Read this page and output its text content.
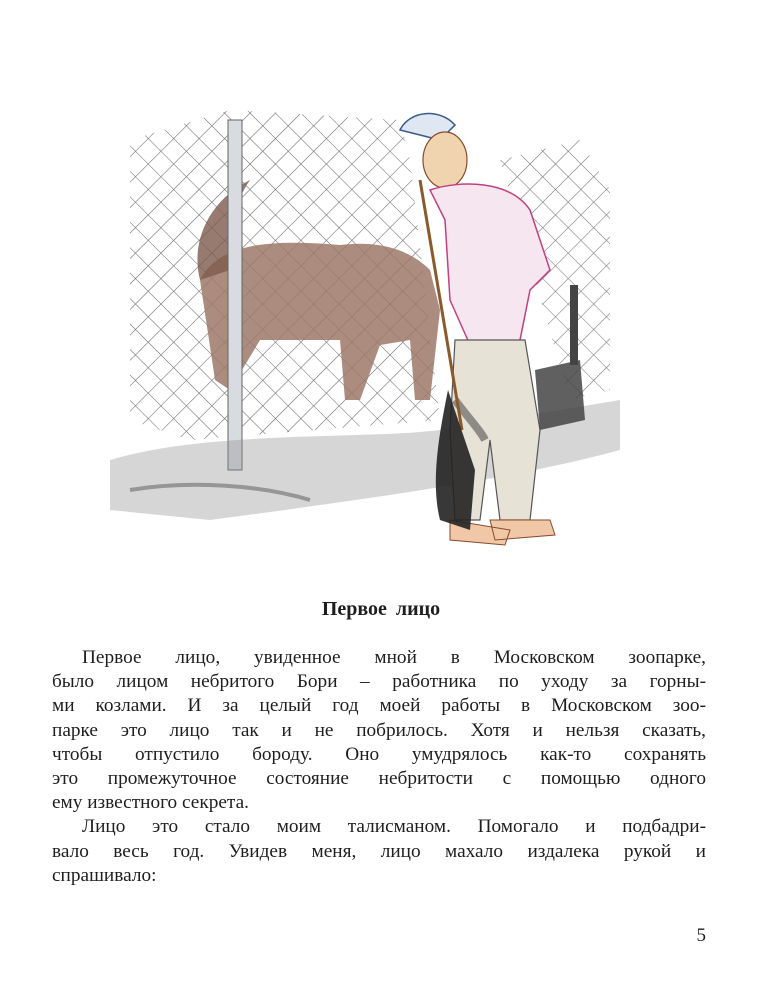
Первое лицо
Первое лицо, увиденное мной в Московском зоопарке,
было лицом небритого Бори – работника по уходу за горны-
ми козлами. И за целый год моей работы в Московском зоо-
парке это лицо так и не побрилось. Хотя и нельзя сказать,
чтобы отпустило бороду. Оно умудрялось как-то сохранять
это промежуточное состояние небритости с помощью одного
ему известного секрета.
Лицо это стало моим талисманом. Помогало и подбадри-
вало весь год. Увидев меня, лицо махало издалека рукой и
спрашивало:
5
